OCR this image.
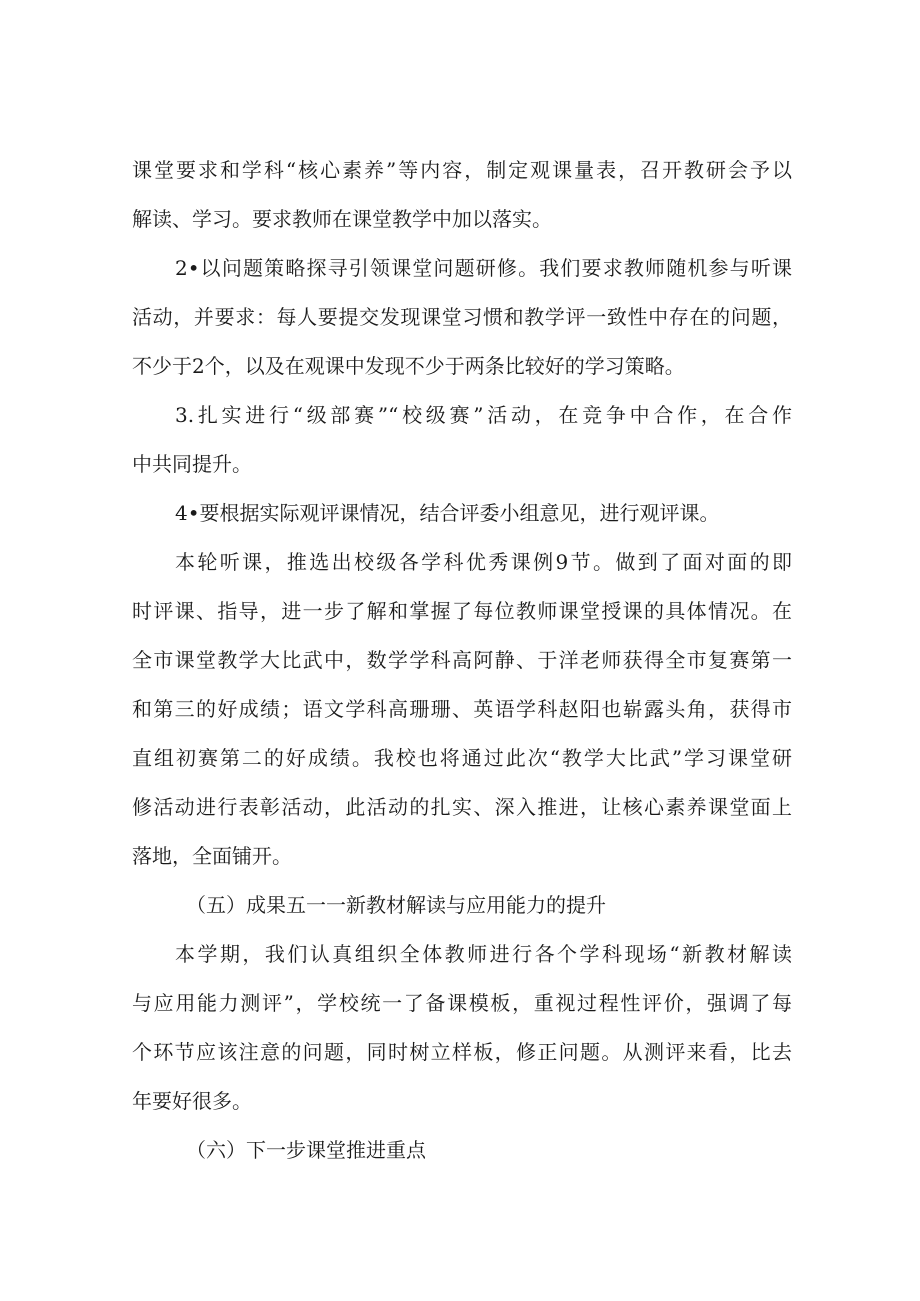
课堂要求和学科“核心素养”等内容，制定观课量表，召开教研会予以
解读、学习。要求教师在课堂教学中加以落实。
2•以问题策略探寻引领课堂问题研修。我们要求教师随机参与听课
活动，并要求：每人要提交发现课堂习惯和教学评一致性中存在的问题，
不少于2个，以及在观课中发现不少于两条比较好的学习策略。
3.扎实进行“级部赛”“校级赛”活动，在竞争中合作，在合作
中共同提升。
4•要根据实际观评课情况，结合评委小组意见，进行观评课。
本轮听课，推选出校级各学科优秀课例9节。做到了面对面的即
时评课、指导，进一步了解和掌握了每位教师课堂授课的具体情况。在
全市课堂教学大比武中，数学学科高阿静、于洋老师获得全市复赛第一
和第三的好成绩；语文学科高珊珊、英语学科赵阳也崭露头角，获得市
直组初赛第二的好成绩。我校也将通过此次“教学大比武”学习课堂研
修活动进行表彰活动，此活动的扎实、深入推进，让核心素养课堂面上
落地，全面铺开。
（五）成果五一一新教材解读与应用能力的提升
本学期，我们认真组织全体教师进行各个学科现场“新教材解读
与应用能力测评”，学校统一了备课模板，重视过程性评价，强调了每
个环节应该注意的问题，同时树立样板，修正问题。从测评来看，比去
年要好很多。
（六）下一步课堂推进重点
